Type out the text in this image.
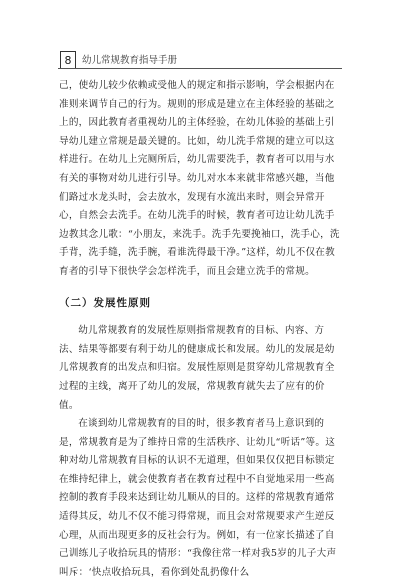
8	幼儿常规教育指导手册

己，使幼儿较少依赖或受他人的规定和指示影响，学会根据内在准则来调节自己的行为。规则的形成是建立在主体经验的基础之上的，因此教育者重视幼儿的主体经验，在幼儿体验的基础上引导幼儿建立常规是最关键的。比如，幼儿洗手常规的建立可以这样进行。在幼儿上完厕所后，幼儿需要洗手，教育者可以用与水有关的事物对幼儿进行引导。幼儿对水本来就非常感兴趣，当他们路过水龙头时，会去放水，发现有水流出来时，则会异常开心，自然会去洗手。在幼儿洗手的时候，教育者可边让幼儿洗手边教其念儿歌：“小朋友，来洗手。洗手先要挽袖口，洗手心，洗手背，洗手缝，洗手腕，看谁洗得最干净。”这样，幼儿不仅在教育者的引导下很快学会怎样洗手，而且会建立洗手的常规。

（二）发展性原则

幼儿常规教育的发展性原则指常规教育的目标、内容、方法、结果等都要有利于幼儿的健康成长和发展。幼儿的发展是幼儿常规教育的出发点和归宿。发展性原则是贯穿幼儿常规教育全过程的主线，离开了幼儿的发展，常规教育就失去了应有的价值。

在谈到幼儿常规教育的目的时，很多教育者马上意识到的是，常规教育是为了维持日常的生活秩序、让幼儿“听话”等。这种对幼儿常规教育目标的认识不无道理，但如果仅仅把目标锁定在维持纪律上，就会使教育者在教育过程中不自觉地采用一些高控制的教育手段来达到让幼儿顺从的目的。这样的常规教育通常适得其反，幼儿不仅不能习得常规，而且会对常规要求产生逆反心理，从而出现更多的反社会行为。例如，有一位家长描述了自己训练儿子收拾玩具的情形：“我像往常一样对我5岁的儿子大声叫斥：‘快点收拾玩具，看你到处乱扔像什么
